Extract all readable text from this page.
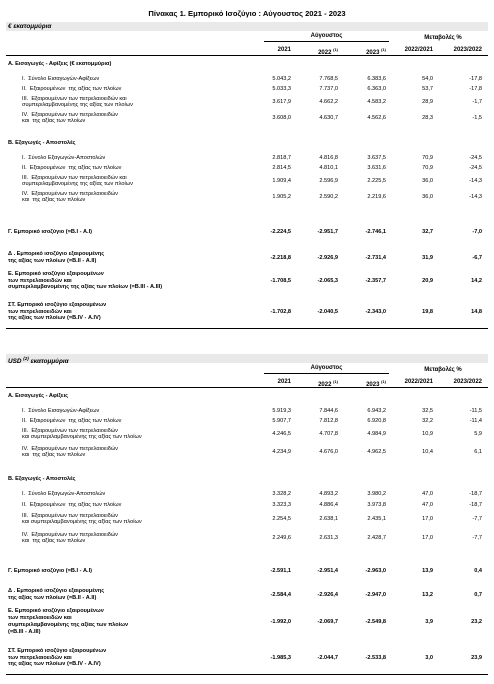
Πίνακας 1. Εμπορικό Ισοζύγιο : Αύγουστος 2021 - 2023
€ εκατομμύρια
Αύγουστος	Μεταβολές %
2021	2022 $^{(1)}$
2023 $^{(1)}$	2022/2021	2023/2022
Α. Εισαγωγές - Αφίξεις (€ εκατομμύρια)
I.  Σύνολο Εισαγωγών-Αφίξεων	5.043,2	7.768,5	6.383,6	54,0	-17,8
II.  Εξαιρουμένων  της αξίας των πλοίων	5.033,3	7.737,0	6.363,0	53,7	-17,8
III.  Εξαιρουμένων των πετρελαιοειδών και
συμπεριλαμβανομένης της αξίας των πλοίων
3.617,9	4.662,2	4.583,2	28,9	-1,7
IV.  Εξαιρουμένων των πετρελαιοειδών
και  της αξίας των πλοίων
3.608,0	4.630,7	4.562,6	28,3	-1,5
Β. Εξαγωγές - Αποστολές
I.  Σύνολο Εξαγωγών-Αποστολών	2.818,7	4.816,8	3.637,5	70,9	-24,5
II.  Εξαιρουμένων  της αξίας των πλοίων	2.814,5	4.810,1	3.631,6	70,9	-24,5
III.  Εξαιρουμένων των πετρελαιοειδών και
συμπεριλαμβανομένης της αξίας των πλοίων
1.909,4	2.596,9	2.225,5	36,0	-14,3
IV.  Εξαιρουμένων των πετρελαιοειδών
και  της αξίας των πλοίων
1.905,2	2.590,2	2.219,6	36,0	-14,3
Γ. Εμπορικό ισοζύγιο (=Β.I - Α.I)	-2.224,5	-2.951,7	-2.746,1	32,7	-7,0
Δ . Εμπορικό ισοζύγιο εξαιρουμένης
της αξίας των πλοίων (=Β.II - Α.II)
-2.218,8	-2.926,9	-2.731,4	31,9	-6,7
Ε. Εμπορικό ισοζύγιο εξαιρουμένων
των πετρελαιοειδών και
συμπεριλαμβανομένης της αξίας των πλοίων (=Β.III - Α.III)
-1.708,5	-2.065,3	-2.357,7	20,9	14,2
ΣΤ. Εμπορικό ισοζύγιο εξαιρουμένων
των πετρελαιοειδών και
της αξίας των πλοίων (=Β.IV - Α.IV)
-1.702,8	-2.040,5	-2.343,0	19,8	14,8
USD $^{(2)}$ εκατομμύρια
Αύγουστος	Μεταβολές %
2021	2022 $^{(1)}$
2023 $^{(1)}$	2022/2021	2023/2022
Α. Εισαγωγές - Αφίξεις
I.  Σύνολο Εισαγωγών-Αφίξεων	5.919,3	7.844,6	6.943,2	32,5	-11,5
II.  Εξαιρουμένων  της αξίας των πλοίων	5.907,7	7.812,8	6.920,8	32,2	-11,4
III.  Εξαιρουμένων των πετρελαιοειδών
και συμπεριλαμβανομένης της αξίας των πλοίων
4.246,5	4.707,8	4.984,9	10,9	5,9
IV.  Εξαιρουμένων των πετρελαιοειδών
και  της αξίας των πλοίων
4.234,9	4.676,0	4.962,5	10,4	6,1
Β. Εξαγωγές - Αποστολές
I.  Σύνολο Εξαγωγών-Αποστολών	3.328,2	4.893,2	3.980,2	47,0	-18,7
II.  Εξαιρουμένων  της αξίας των πλοίων	3.323,3	4.886,4	3.973,8	47,0	-18,7
III.  Εξαιρουμένων των πετρελαιοειδών
και συμπεριλαμβανομένης της αξίας των πλοίων
2.254,5	2.638,1	2.435,1	17,0	-7,7
IV.  Εξαιρουμένων των πετρελαιοειδών
και  της αξίας των πλοίων
2.249,6	2.631,3	2.428,7	17,0	-7,7
Γ. Εμπορικό ισοζύγιο (=Β.I - Α.I)	-2.591,1	-2.951,4	-2.963,0	13,9	0,4
Δ . Εμπορικό ισοζύγιο εξαιρουμένης
της αξίας των πλοίων (=Β.II - Α.II)
-2.584,4	-2.926,4	-2.947,0	13,2	0,7
Ε. Εμπορικό ισοζύγιο εξαιρουμένων
των πετρελαιοειδών και
συμπεριλαμβανομένης της αξίας των πλοίων
(=Β.III - Α.III)
-1.992,0	-2.069,7	-2.549,8	3,9	23,2
ΣΤ. Εμπορικό ισοζύγιο εξαιρουμένων
των πετρελαιοειδών και
της αξίας των πλοίων (=Β.IV - Α.IV)
-1.985,3	-2.044,7	-2.533,8	3,0	23,9
